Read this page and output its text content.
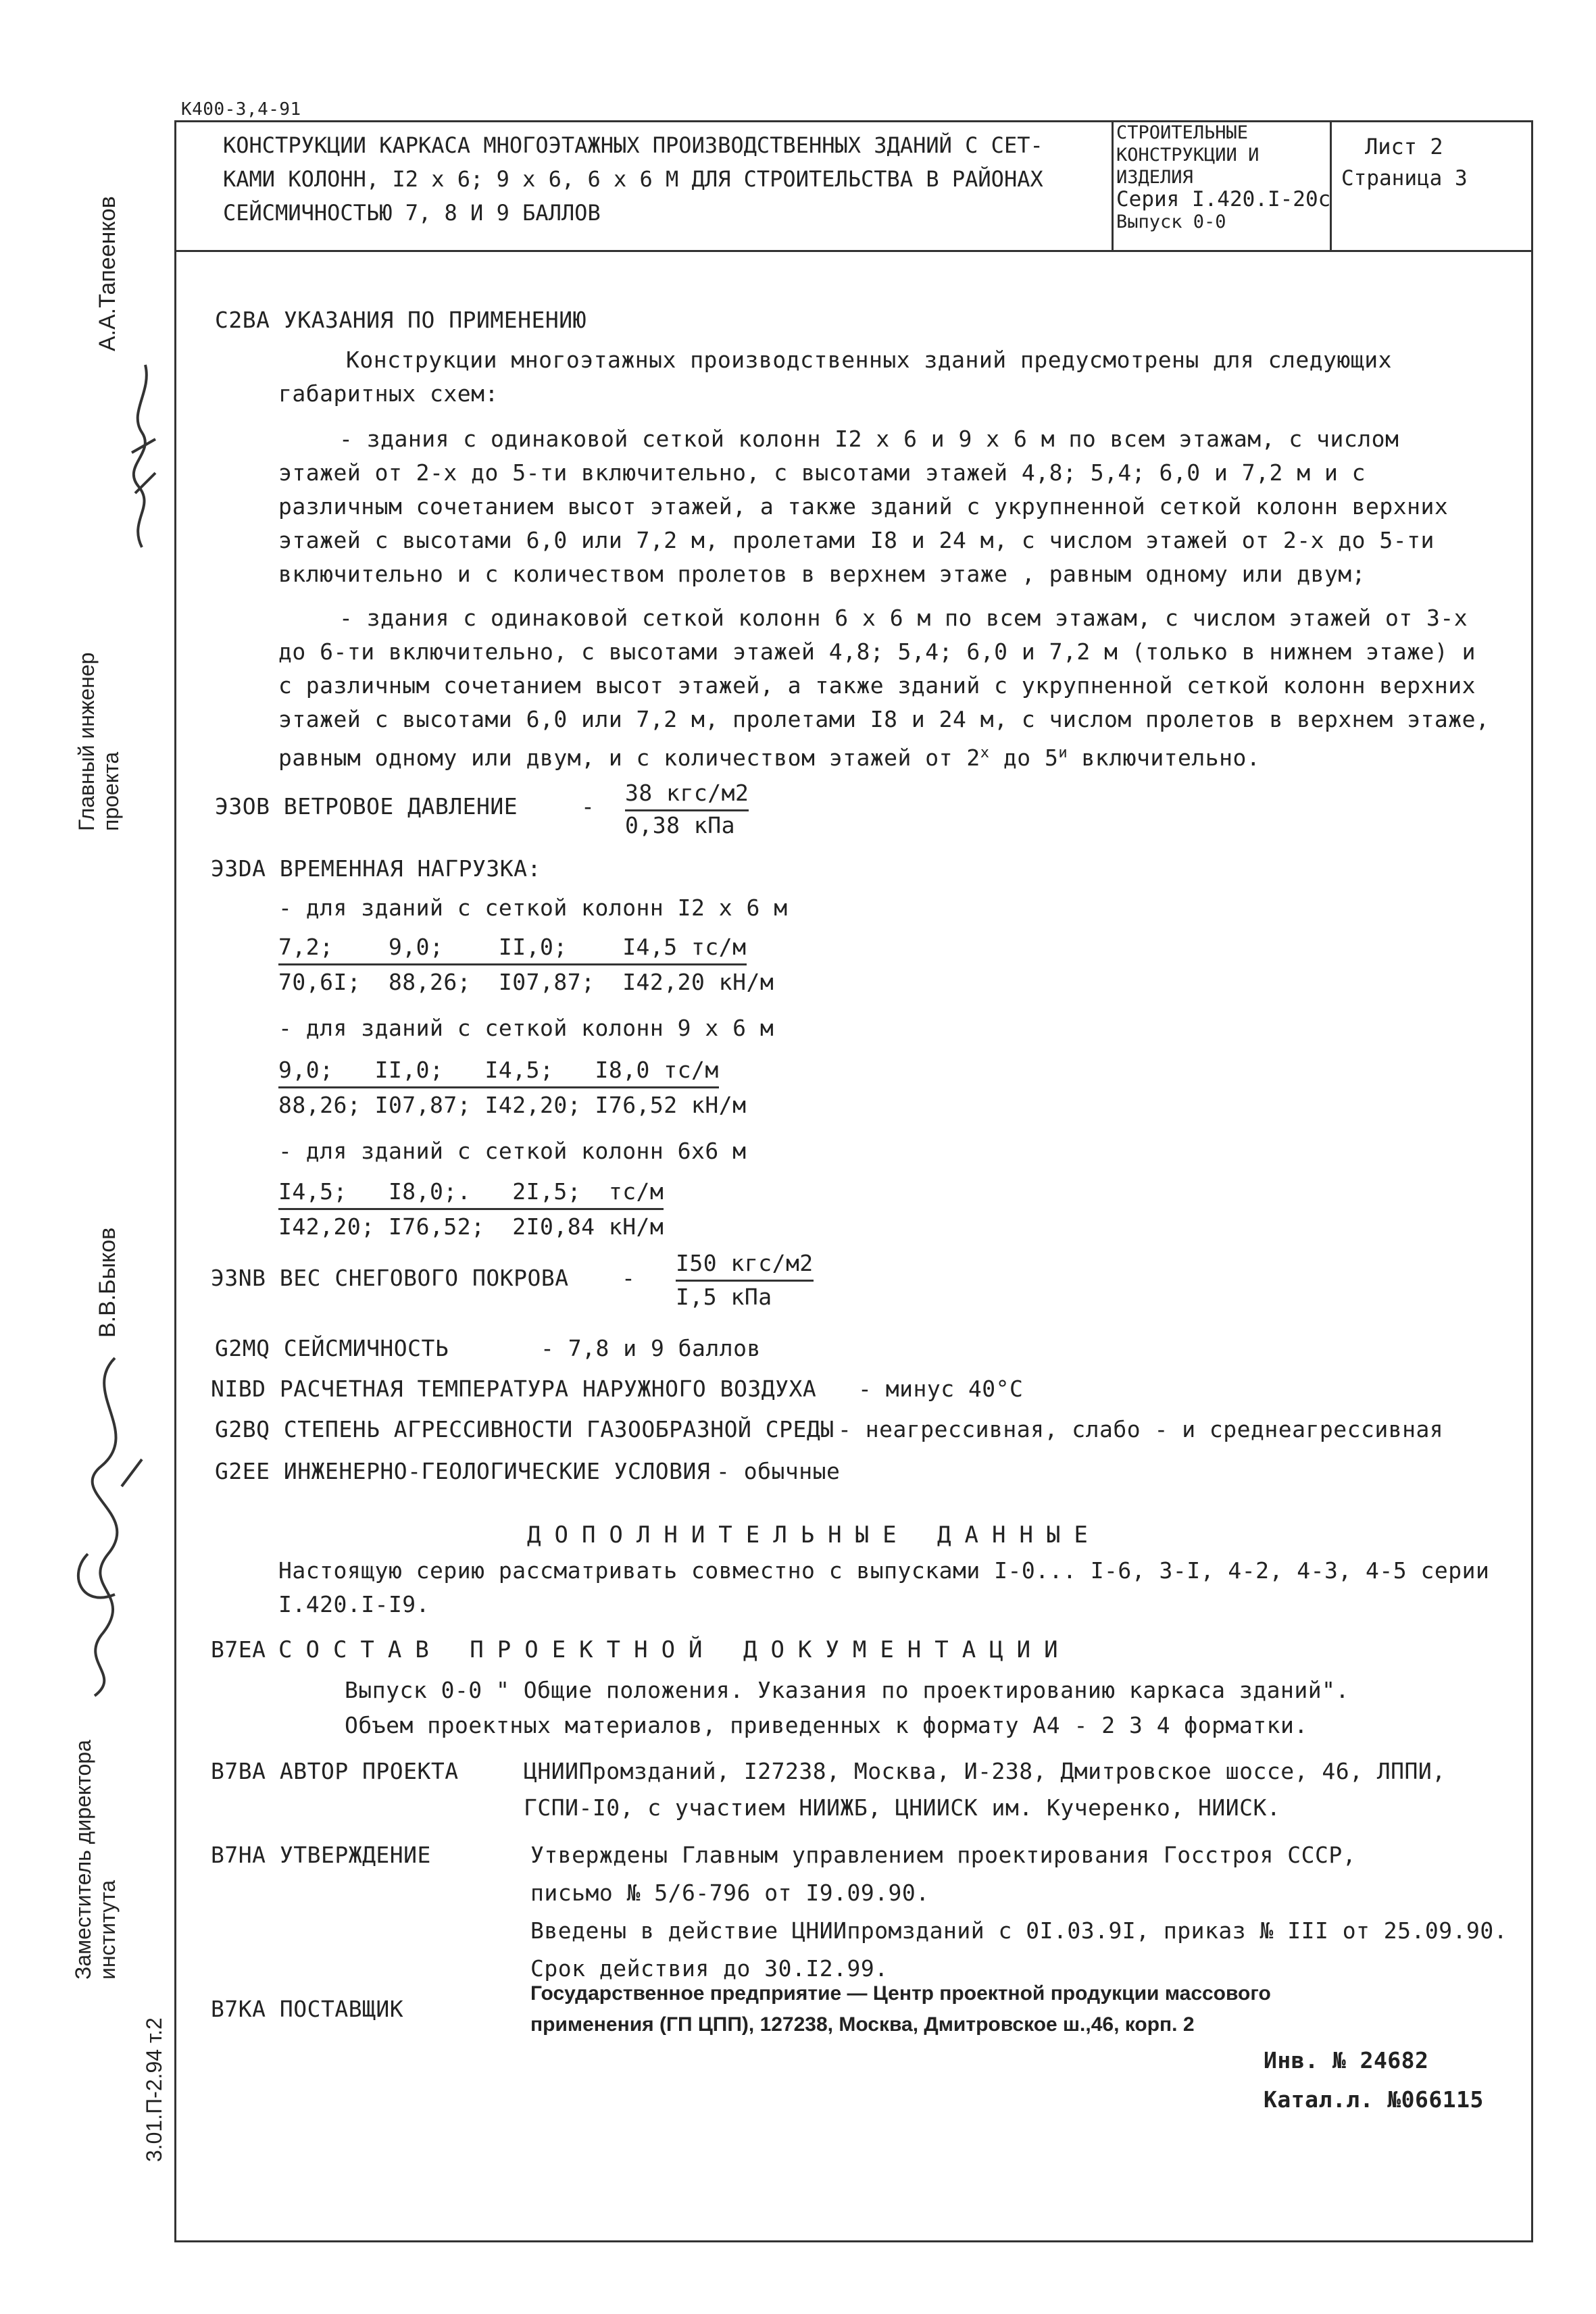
К400-3,4-91
КОНСТРУКЦИИ КАРКАСА МНОГОЭТАЖНЫХ ПРОИЗВОДСТВЕННЫХ ЗДАНИЙ С СЕТ-
КАМИ КОЛОНН, I2 х 6; 9 х 6, 6 х 6 М ДЛЯ СТРОИТЕЛЬСТВА В РАЙОНАХ
СЕЙСМИЧНОСТЬЮ 7, 8 И 9 БАЛЛОВ
СТРОИТЕЛЬНЫЕ
КОНСТРУКЦИИ И
ИЗДЕЛИЯ
Серия I.420.I-20с
Выпуск 0-0
Лист 2
Страница 3
А.А.Тапеенков
Главный инженер проекта
В.В.Быков
Заместитель директора института
3.01.П-2.94 т.2
С2ВА УКАЗАНИЯ ПО ПРИМЕНЕНИЮ
Конструкции многоэтажных производственных зданий предусмотрены для следующих габаритных схем:
- здания с одинаковой сеткой колонн I2 х 6 и 9 х 6 м по всем этажам, с числом этажей от 2-х до 5-ти включительно, с высотами этажей 4,8; 5,4; 6,0 и 7,2 м и с различным сочетанием высот этажей, а также зданий с укрупненной сеткой колонн верхних этажей с высотами 6,0 или 7,2 м, пролетами I8 и 24 м, с числом этажей от 2-х до 5-ти включительно и с количеством пролетов в верхнем этаже , равным одному или двум;
- здания с одинаковой сеткой колонн 6 х 6 м по всем этажам, с числом этажей от 3-х до 6-ти включительно, с высотами этажей 4,8; 5,4; 6,0 и 7,2 м (только в нижнем этаже) и с различным сочетанием высот этажей, а также зданий с укрупненной сеткой колонн верхних этажей с высотами 6,0 или 7,2 м, пролетами I8 и 24 м, с числом пролетов в верхнем этаже, равным одному или двум, и с количеством этажей от $2^х$ до $5^и$ включительно.
Э3ОВ ВЕТРОВОЕ ДАВЛЕНИЕ	-
38 кгс/м2
0,38 кПа
Э3DA ВРЕМЕННАЯ НАГРУЗКА:
- для зданий с сеткой колонн I2 х 6 м
7,2;    9,0;    II,0;    I4,5 тс/м
70,6I;  88,26;  I07,87;  I42,20 кН/м
- для зданий с сеткой колонн 9 х 6 м
9,0;   II,0;   I4,5;   I8,0 тс/м
88,26; I07,87; I42,20; I76,52 кН/м
- для зданий с сеткой колонн 6х6 м
I4,5;   I8,0;.   2I,5;  тс/м
I42,20; I76,52;  2I0,84 кН/м
Э3NB ВЕС СНЕГОВОГО ПОКРОВА -
I50 кгс/м2
I,5 кПа
G2MQ СЕЙСМИЧНОСТЬ	- 7,8 и 9 баллов
NIBD РАСЧЕТНАЯ ТЕМПЕРАТУРА НАРУЖНОГО ВОЗДУХА - минус 40°С
G2BQ СТЕПЕНЬ АГРЕССИВНОСТИ ГАЗООБРАЗНОЙ СРЕДЫ - неагрессивная, слабо - и среднеагрессивная
G2EE ИНЖЕНЕРНО-ГЕОЛОГИЧЕСКИЕ УСЛОВИЯ - обычные
ДОПОЛНИТЕЛЬНЫЕ ДАННЫЕ
Настоящую серию рассматривать совместно с выпусками I-0... I-6, 3-I, 4-2, 4-3, 4-5 серии I.420.I-I9.
В7ЕА СОСТАВ ПРОЕКТНОЙ ДОКУМЕНТАЦИИ
Выпуск 0-0 " Общие положения. Указания по проектированию каркаса зданий".
Объем проектных материалов, приведенных к формату А4 - 2 3 4 форматки.
В7ВА АВТОР ПРОЕКТА	ЦНИИПромзданий, I27238, Москва, И-238, Дмитровское шоссе, 46, ЛППИ,
ГСПИ-I0, с участием НИИЖБ, ЦНИИСК им. Кучеренко, НИИСК.
В7НА УТВЕРЖДЕНИЕ	Утверждены Главным управлением проектирования Госстроя СССР,
письмо № 5/6-796 от I9.09.90.
Введены в действие ЦНИИпромзданий с 0I.03.9I, приказ № III от 25.09.90.
Срок действия до 30.I2.99.
В7КА ПОСТАВЩИК
Государственное предприятие — Центр проектной продукции массового
применения (ГП ЦПП), 127238, Москва, Дмитровское ш.,46, корп. 2
Инв. № 24682
Катал.л. №066115
